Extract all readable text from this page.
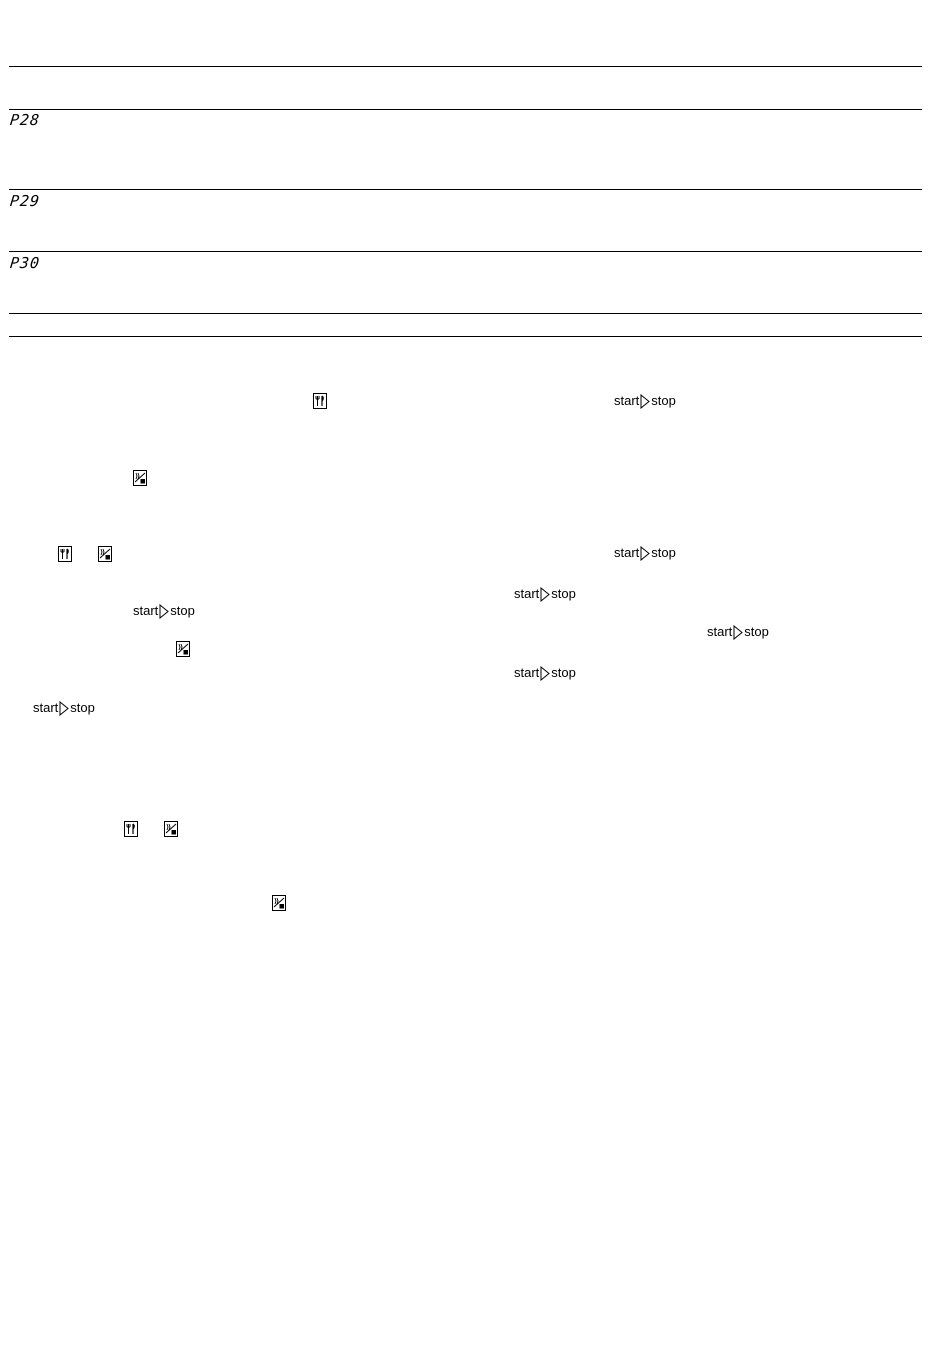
P28
P29
P30
start stop
start stop
start stop
start stop
start stop
start stop
start stop
